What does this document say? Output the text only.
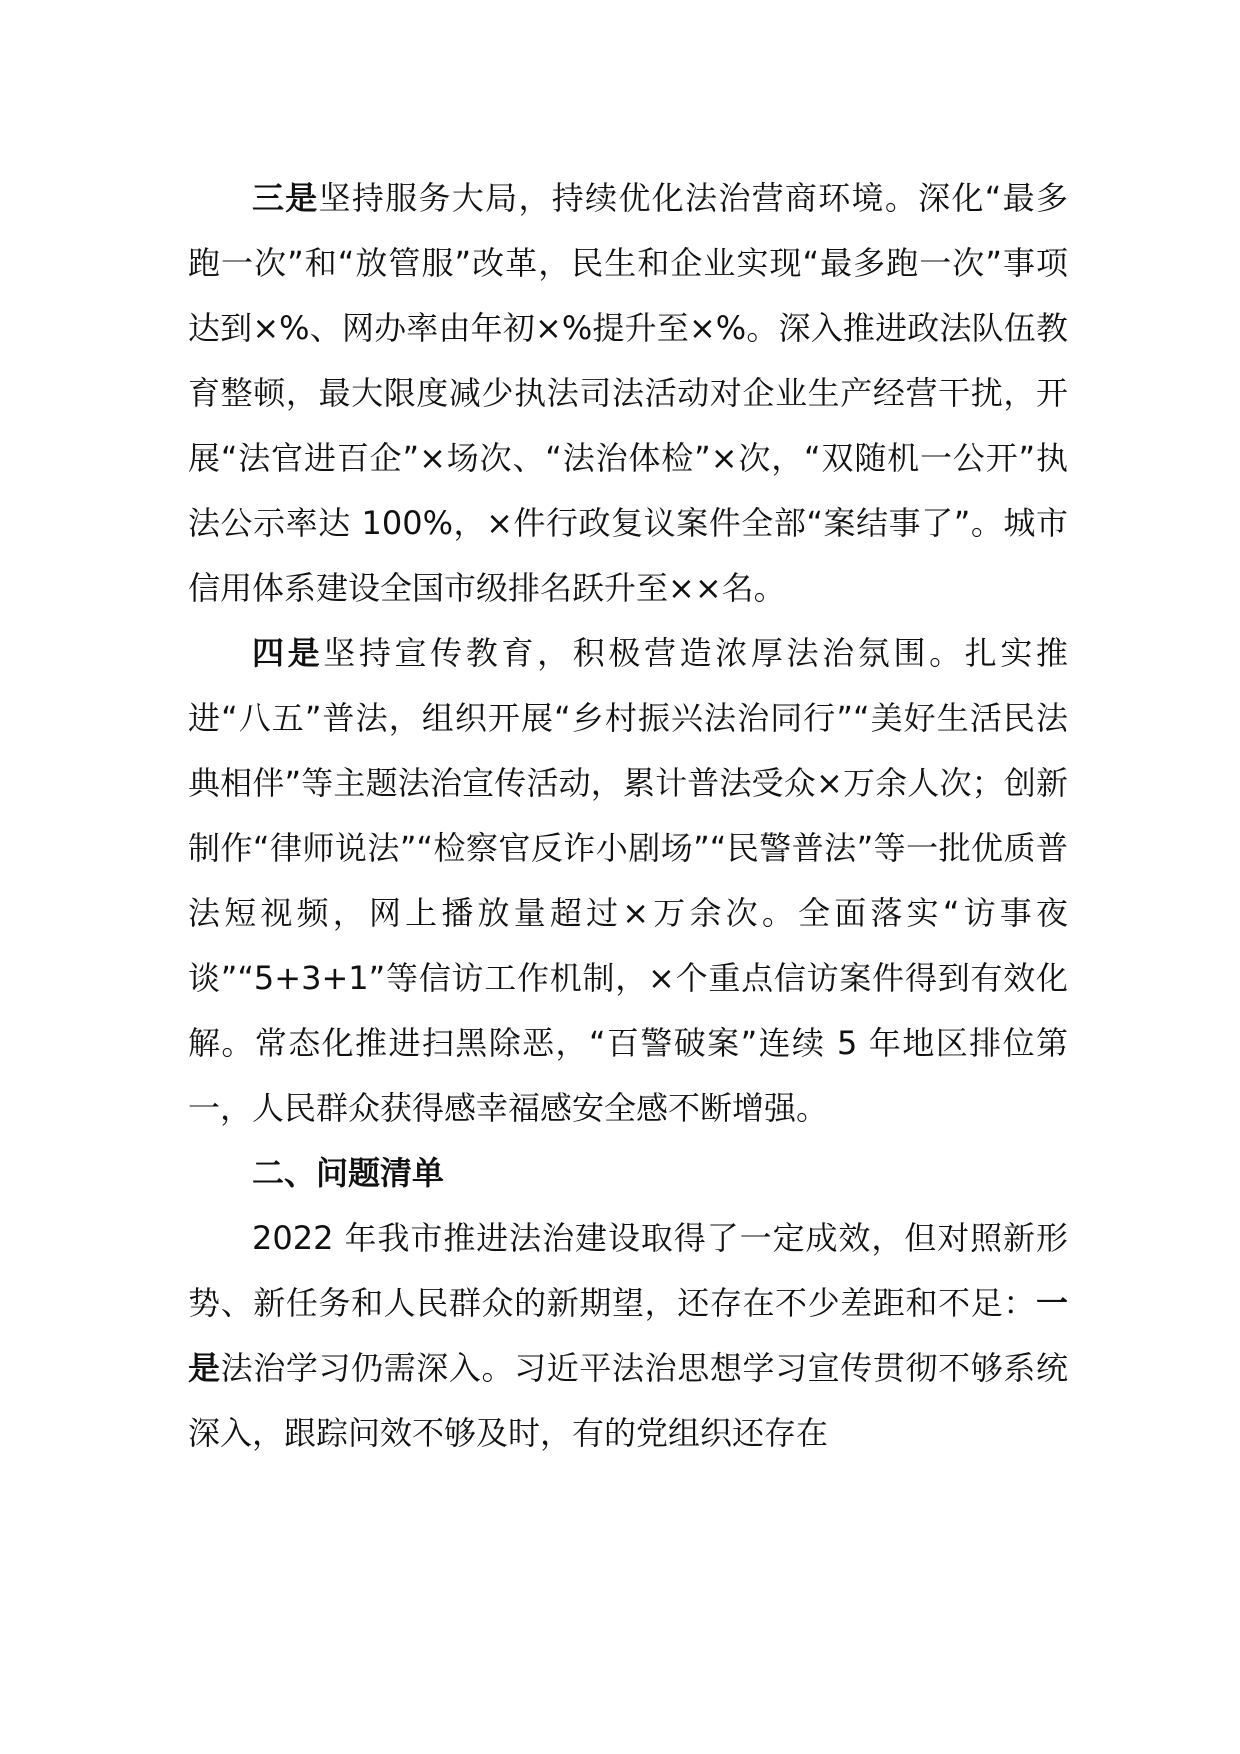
三是坚持服务大局，持续优化法治营商环境。深化“最多跑一次”和“放管服”改革，民生和企业实现“最多跑一次”事项达到×%、网办率由年初×%提升至×%。深入推进政法队伍教育整顿，最大限度减少执法司法活动对企业生产经营干扰，开展“法官进百企”×场次、“法治体检”×次，“双随机一公开”执法公示率达 100%，×件行政复议案件全部“案结事了”。城市信用体系建设全国市级排名跃升至××名。

四是坚持宣传教育，积极营造浓厚法治氛围。扎实推进“八五”普法，组织开展“乡村振兴法治同行”“美好生活民法典相伴”等主题法治宣传活动，累计普法受众×万余人次；创新制作“律师说法”“检察官反诈小剧场”“民警普法”等一批优质普法短视频，网上播放量超过×万余次。全面落实“访事夜谈”“5+3+1”等信访工作机制，×个重点信访案件得到有效化解。常态化推进扫黑除恶，“百警破案”连续 5 年地区排位第一，人民群众获得感幸福感安全感不断增强。

二、问题清单

2022 年我市推进法治建设取得了一定成效，但对照新形势、新任务和人民群众的新期望，还存在不少差距和不足：一是法治学习仍需深入。习近平法治思想学习宣传贯彻不够系统深入，跟踪问效不够及时，有的党组织还存在
